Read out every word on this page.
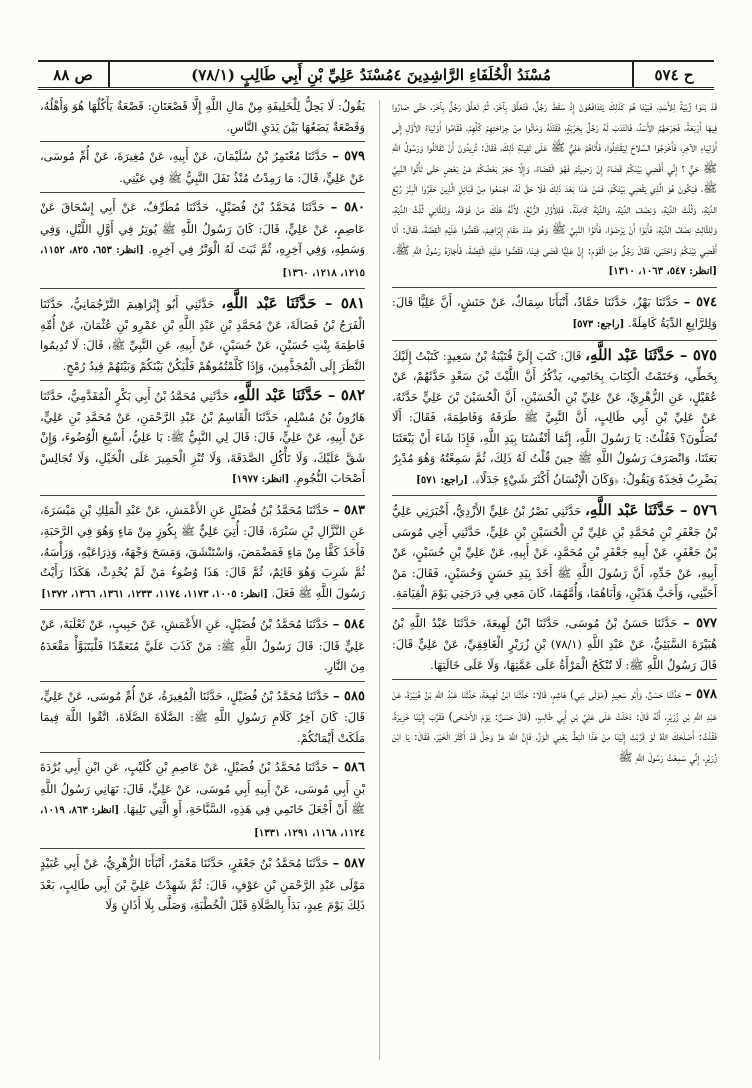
ح ٥٧٤
مُسْنَدُ الْخُلَفَاءِ الرَّاشِدِينَ ٤مُسْنَدُ عَلِيِّ بْنِ أَبِي طَالِبٍ (٧٨/١)
ص ٨٨
قَدْ بَنَوْا زُبْيَةً لِلأَسَدِ، فَبَيْنَا هُمْ كَذَلِكَ يَتَدَافَعُونَ إِذْ سَقَطَ رَجُلٌ، فَتَعَلَّقَ بِآخَرَ، ثُمَّ تَعَلَّقَ رَجُلٌ بِآخَرَ، حَتَّى صَارُوا فِيهَا أَرْبَعَةً، فَجَرَحَهُمُ الأَسَدُ، فَانْتَدَبَ لَهُ رَجُلٌ بِحَرْبَةٍ، فَقَتَلَهُ وَمَاتُوا مِنْ جِرَاحَتِهِمْ كُلِّهِمْ، فَقَامُوا أَوْلِيَاءُ الأَوَّلِ إِلَى أَوْلِيَاءِ الآخِرِ، فَأَخْرَجُوا السِّلاحَ لِيَقْتَتِلُوا، فَأَتَاهُمْ عَلِيٌّ ﷺ عَلَى تَفِيئَةِ ذَلِكَ، فَقَالَ: تُرِيدُونَ أَنْ تَقَاتَلُوا وَرَسُولُ اللَّهِ ﷺ حَيٌّ ؟ إِنِّي أَقْضِي بَيْنَكُمْ قَضَاءً إِنْ رَضِيتُمْ فَهُوَ الْقَضَاءُ، وَإِلَّا حَجَرَ بَعْضُكُمْ عَنْ بَعْضٍ حَتَّى تَأْتُوا النَّبِيَّ ﷺ، فَيَكُونَ هُوَ الَّذِي يَقْضِي بَيْنَكُمْ، فَمَنْ عَدَا بَعْدَ ذَلِكَ فَلَا حَقَّ لَهُ، اجْمَعُوا مِنْ قَبَائِلِ الَّذِينَ حَفَرُوا الْبِئْرَ رُبُعَ الدِّيَةِ، وَثُلُثَ الدِّيَةِ، وَنِصْفَ الدِّيَةِ، وَالدِّيَةَ كَامِلَةً. فَلِلأَوَّلِ الرُّبُعُ، لأَنَّهُ هَلَكَ مَنْ فَوْقَهُ، وَلِلثَّانِي ثُلُثُ الدِّيَةِ، وَلِلثَّالِثِ نِصْفُ الدِّيَةِ، فَأَبَوْا أَنْ يَرْضَوْا، فَأَتَوُا النَّبِيَّ ﷺ وَهُوَ عِنْدَ مَقَامِ إِبْرَاهِيمَ، فَقَصُّوا عَلَيْهِ الْقِصَّةَ، فَقَالَ: أَنَا أَقْضِي بَيْنَكُمْ وَاحْتَبَى، فَقَالَ رَجُلٌ مِنَ الْقَوْمِ: إِنَّ عَلِيًّا قَضَى فِينَا، فَقَصُّوا عَلَيْهِ الْقِصَّةَ، فَأَجَازَهُ رَسُولُ اللَّهِ ﷺ. [انظر: ٥٤٧، ١٠٦٣، ١٣١٠]
٥٧٤ – حَدَّثَنَا بَهْزٌ، حَدَّثَنَا حَمَّادٌ، أَنْبَأَنَا سِمَاكٌ، عَنْ حَنَشٍ، أَنَّ عَلِيًّا قَالَ: وَلِلرَّابِعِ الدِّيَةُ كَامِلَةً. [راجع: ٥٧٣]
٥٧٥ – حَدَّثَنَا عَبْد اللَّهِ، قَالَ: كَتَبَ إِلَيَّ قُتَيْبَةُ بْنُ سَعِيدٍ: كَتَبْتُ إِلَيْكَ بِخَطِّي، وَخَتَمْتُ الْكِتَابَ بِخَاتَمِي، يَذْكُرُ أَنَّ اللَّيْثَ بْنَ سَعْدٍ حَدَّثَهُمْ، عَنْ عُقَيْلٍ، عَنِ الزُّهْرِيِّ، عَنْ عَلِيِّ بْنِ الْحُسَيْنِ، أَنَّ الْحُسَيْنَ بْنَ عَلِيٍّ حَدَّثَهُ، عَنْ عَلِيِّ بْنِ أَبِي طَالِبٍ، أَنَّ النَّبِيَّ ﷺ طَرَقَهُ وَفَاطِمَةَ، فَقَالَ: أَلَا تُصَلُّونَ؟ فَقُلْتُ: يَا رَسُولَ اللَّهِ، إِنَّمَا أَنْفُسُنَا بِيَدِ اللَّهِ، فَإِذَا شَاءَ أَنْ يَبْعَثَنَا بَعَثَنَا، وَانْصَرَفَ رَسُولُ اللَّهِ ﷺ حِينَ قُلْتُ لَهُ ذَلِكَ، ثُمَّ سَمِعْتُهُ وَهُوَ مُدْبِرٌ يَضْرِبُ فَخِذَهُ وَيَقُولُ: ﴿وَكَانَ الْإِنْسَانُ أَكْثَرَ شَيْءٍ جَدَلًا﴾. [راجع: ٥٧١]
٥٧٦ – حَدَّثَنَا عَبْد اللَّهِ، حَدَّثَنِي نَصْرُ بْنُ عَلِيٍّ الأَزْدِيُّ، أَخْبَرَنِي عَلِيُّ بْنُ جَعْفَرِ بْنِ مُحَمَّدِ بْنِ عَلِيِّ بْنِ الْحُسَيْنِ بْنِ عَلِيٍّ، حَدَّثَنِي أَخِي مُوسَى بْنُ جَعْفَرٍ، عَنْ أَبِيهِ جَعْفَرِ بْنِ مُحَمَّدٍ، عَنْ أَبِيهِ، عَنْ عَلِيِّ بْنِ حُسَيْنٍ، عَنْ أَبِيهِ، عَنْ جَدِّهِ، أَنَّ رَسُولَ اللَّهِ ﷺ أَخَذَ بِيَدِ حَسَنٍ وَحُسَيْنٍ، فَقَالَ: مَنْ أَحَبَّنِي، وَأَحَبَّ هَذَيْنِ، وَأَبَاهُمَا، وَأُمَّهُمَا، كَانَ مَعِي فِي دَرَجَتِي يَوْمَ الْقِيَامَةِ.
٥٧٧ – حَدَّثَنَا حَسَنُ بْنُ مُوسَى، حَدَّثَنَا ابْنُ لَهِيعَةَ، حَدَّثَنَا عَبْدُ اللَّهِ بْنُ هُبَيْرَةَ السَّبَئِيُّ، عَنْ عَبْدِ اللَّهِ (٧٨/١) بْنِ زُرَيْرٍ الْغَافِقِيِّ، عَنْ عَلِيٍّ قَالَ: قَالَ رَسُولُ اللَّهِ ﷺ: لَا تُنْكَحُ الْمَرْأَةُ عَلَى عَمَّتِهَا، وَلَا عَلَى خَالَتِهَا.
٥٧٨ – حَدَّثَنَا حَسَنٌ، وَأَبُو سَعِيدٍ (مَوْلَى بَنِي) هَاشِمٍ، قَالَا: حَدَّثَنَا ابْنُ لَهِيعَةَ، حَدَّثَنَا عَبْدُ اللَّهِ بْنُ هُبَيْرَةَ، عَنْ عَبْدِ اللَّهِ بْنِ زُرَيْرٍ، أَنَّهُ قَالَ: دَخَلْتُ عَلَى عَلِيِّ بْنِ أَبِي طَالِبٍ، (قَالَ حَسَنٌ: يَوْمَ الأَضْحَى) فَقَرَّبَ إِلَيْنَا خَزِيرَةً، فَقُلْتُ: أَصْلَحَكَ اللَّهُ لَوْ قَرَّبْتَ إِلَيْنَا مِنْ هَذَا الْبَطِّ يَعْنِي الْوَزَّ، فَإِنَّ اللَّهَ عَزَّ وَجَلَّ قَدْ أَكْثَرَ الْخَيْرَ، فَقَالَ: يَا ابْنَ زُرَيْرٍ، إِنِّي سَمِعْتُ رَسُولَ اللَّهِ ﷺ
يَقُولُ: لَا يَحِلُّ لِلْخَلِيفَةِ مِنْ مَالِ اللَّهِ إِلَّا قَصْعَتَانِ: قَصْعَةٌ يَأْكُلُهَا هُوَ وَأَهْلُهُ، وَقَصْعَةٌ يَضَعُهَا بَيْنَ يَدَيِ النَّاسِ.
٥٧٩ – حَدَّثَنَا مُعْتَمِرُ بْنُ سُلَيْمَانَ، عَنْ أَبِيهِ، عَنْ مُغِيرَةَ، عَنْ أُمِّ مُوسَى، عَنْ عَلِيٍّ، قَالَ: مَا رَمِدْتُ مُنْذُ تَفَلَ النَّبِيُّ ﷺ فِي عَيْنِي.
٥٨٠ – حَدَّثَنَا مُحَمَّدُ بْنُ فُضَيْلٍ، حَدَّثَنَا مُطَرِّفٌ، عَنْ أَبِي إِسْحَاقَ عَنْ عَاصِمٍ، عَنْ عَلِيٍّ، قَالَ: كَانَ رَسُولُ اللَّهِ ﷺ يُوتِرُ فِي أَوَّلِ اللَّيْلِ، وَفِي وَسَطِهِ، وَفِي آخِرِهِ، ثُمَّ ثَبَتَ لَهُ الْوَتْرُ فِي آخِرِهِ. [انظر: ٦٥٣، ٨٢٥، ١١٥٢، ١٢١٥، ١٢١٨، ١٣٦٠]
٥٨١ – حَدَّثَنَا عَبْد اللَّهِ، حَدَّثَنِي أَبُو إِبْرَاهِيمَ التَّرْجُمَانِيُّ، حَدَّثَنَا الْفَرَجُ بْنُ فَضَالَةَ، عَنْ مُحَمَّدِ بْنِ عَبْدِ اللَّهِ بْنِ عَمْرِو بْنِ عُثْمَانَ، عَنْ أُمِّهِ فَاطِمَةَ بِنْتِ حُسَيْنٍ، عَنْ حُسَيْنٍ، عَنْ أَبِيهِ، عَنِ النَّبِيِّ ﷺ، قَالَ: لَا تُدِيمُوا النَّظَرَ إِلَى الْمُجَذَّمِينَ، وَإِذَا كَلَّمْتُمُوهُمْ فَلْيَكُنْ بَيْنَكُمْ وَبَيْنَهُمْ قِيدُ رُمْحٍ.
٥٨٢ – حَدَّثَنَا عَبْد اللَّهِ، حَدَّثَنِي مُحَمَّدُ بْنُ أَبِي بَكْرٍ الْمُقَدَّمِيُّ، حَدَّثَنَا هَارُونُ بْنُ مُسْلِمٍ، حَدَّثَنَا الْقَاسِمُ بْنُ عَبْدِ الرَّحْمَنِ، عَنْ مُحَمَّدِ بْنِ عَلِيٍّ، عَنْ أَبِيهِ، عَنْ عَلِيٍّ، قَالَ: قَالَ لِي النَّبِيُّ ﷺ: يَا عَلِيُّ، أَسْبِغِ الْوُضُوءَ، وَإِنْ شَقَّ عَلَيْكَ، وَلَا تَأْكُلِ الصَّدَقَةَ، وَلَا تُنْزِ الْحَمِيرَ عَلَى الْخَيْلِ، وَلَا تُجَالِسْ أَصْحَابَ النُّجُومِ. [انظر: ١٩٧٧]
٥٨٣ – حَدَّثَنَا مُحَمَّدُ بْنُ فُضَيْلٍ عَنِ الأَعْمَشِ، عَنْ عَبْدِ الْمَلِكِ بْنِ مَيْسَرَةَ، عَنِ النَّزَّالِ بْنِ سَبْرَةَ، قَالَ: أُتِيَ عَلِيٌّ ﷺ بِكُوزٍ مِنْ مَاءٍ وَهُوَ فِي الرَّحَبَةِ، فَأَخَذَ كَفًّا مِنْ مَاءٍ فَمَضْمَضَ، وَاسْتَنْشَقَ، وَمَسَحَ وَجْهَهُ، وَذِرَاعَيْهِ، وَرَأْسَهُ، ثُمَّ شَرِبَ وَهُوَ قَائِمٌ، ثُمَّ قَالَ: هَذَا وُضُوءُ مَنْ لَمْ يُحْدِثْ، هَكَذَا رَأَيْتُ رَسُولَ اللَّهِ ﷺ فَعَلَ. [انظر: ١٠٠٥، ١١٧٣، ١١٧٤، ١٢٣٣، ١٣٦١، ١٣٦٦، ١٣٧٢]
٥٨٤ – حَدَّثَنَا مُحَمَّدُ بْنُ فُضَيْلٍ، عَنِ الأَعْمَشِ، عَنْ حَبِيبٍ، عَنْ ثَعْلَبَةَ، عَنْ عَلِيٍّ قَالَ: قَالَ رَسُولُ اللَّهِ ﷺ: مَنْ كَذَبَ عَلَيَّ مُتَعَمِّدًا فَلْيَتَبَوَّأْ مَقْعَدَهُ مِنَ النَّارِ.
٥٨٥ – حَدَّثَنَا مُحَمَّدُ بْنُ فُضَيْلٍ، حَدَّثَنَا الْمُغِيرَةُ، عَنْ أُمِّ مُوسَى، عَنْ عَلِيٍّ، قَالَ: كَانَ آخِرُ كَلَامِ رَسُولِ اللَّهِ ﷺ: الصَّلَاةَ الصَّلَاةَ، اتَّقُوا اللَّهَ فِيمَا مَلَكَتْ أَيْمَانُكُمْ.
٥٨٦ – حَدَّثَنَا مُحَمَّدُ بْنُ فُضَيْلٍ، عَنْ عَاصِمِ بْنِ كُلَيْبٍ، عَنِ ابْنِ أَبِي بُرْدَةَ بْنِ أَبِي مُوسَى، عَنْ أَبِيهِ أَبِي مُوسَى، عَنْ عَلِيٍّ، قَالَ: نَهَانِي رَسُولُ اللَّهِ ﷺ أَنْ أَجْعَلَ خَاتَمِي فِي هَذِهِ، السَّبَّاحَةِ، أَوِ الَّتِي تَلِيهَا. [انظر: ٨٦٣، ١٠١٩، ١١٢٤، ١١٦٨، ١٢٩١، ١٣٣١]
٥٨٧ – حَدَّثَنَا مُحَمَّدُ بْنُ جَعْفَرٍ، حَدَّثَنَا مَعْمَرٌ، أَنْبَأَنَا الزُّهْرِيُّ، عَنْ أَبِي عُبَيْدٍ مَوْلَى عَبْدِ الرَّحْمَنِ بْنِ عَوْفٍ، قَالَ: ثُمَّ شَهِدْتُ عَلِيَّ بْنَ أَبِي طَالِبٍ، بَعْدَ ذَلِكَ يَوْمَ عِيدٍ، بَدَأَ بِالصَّلَاةِ قَبْلَ الْخُطْبَةِ، وَصَلَّى بِلَا أَذَانٍ وَلَا
